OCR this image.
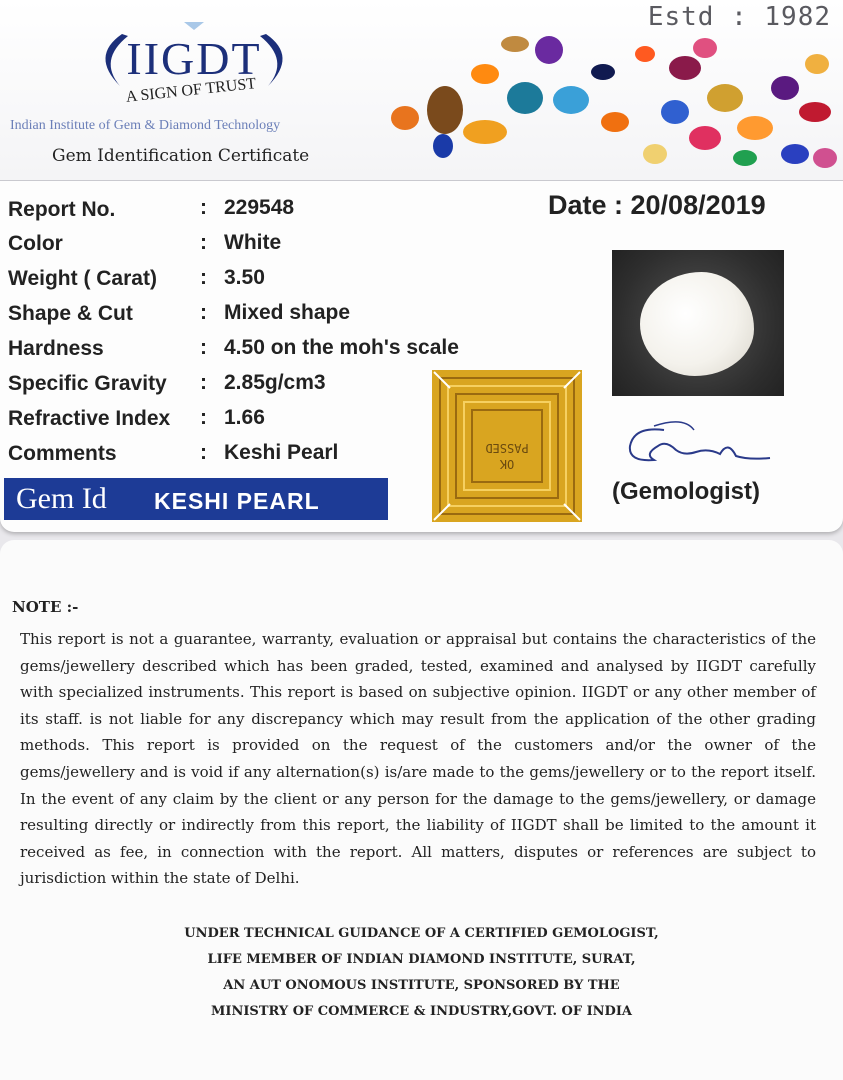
Estd : 1982
IIGDT
A SIGN OF TRUST
Indian Institute of Gem & Diamond Technology
Gem Identification Certificate
Report No.	: 229548
Color	: White
Weight ( Carat) : 3.50
Shape & Cut	: Mixed shape
Hardness	: 4.50 on the moh's scale
Specific Gravity : 2.85g/cm3
Refractive Index : 1.66
Comments	: Keshi Pearl
Date : 20/08/2019
OK
PASSED
(Gemologist)
Gem Id KESHI PEARL
NOTE :-
This report is not a guarantee, warranty, evaluation or appraisal but contains the characteristics of the gems/jewellery described which has been graded, tested, examined and analysed by IIGDT carefully with specialized instruments. This report is based on subjective opinion. IIGDT or any other member of its staff. is not liable for any discrepancy which may result from the application of the other grading methods. This report is provided on the request of the customers and/or the owner of the gems/jewellery and is void if any alternation(s) is/are made to the gems/jewellery or to the report itself. In the event of any claim by the client or any person for the damage to the gems/jewellery, or damage resulting directly or indirectly from this report, the liability of IIGDT shall be limited to the amount it received as fee, in connection with the report. All matters, disputes or references are subject to jurisdiction within the state of Delhi.
UNDER TECHNICAL GUIDANCE OF A CERTIFIED GEMOLOGIST,
LIFE MEMBER OF INDIAN DIAMOND INSTITUTE, SURAT,
AN AUT ONOMOUS INSTITUTE, SPONSORED BY THE
MINISTRY OF COMMERCE & INDUSTRY,GOVT. OF INDIA
